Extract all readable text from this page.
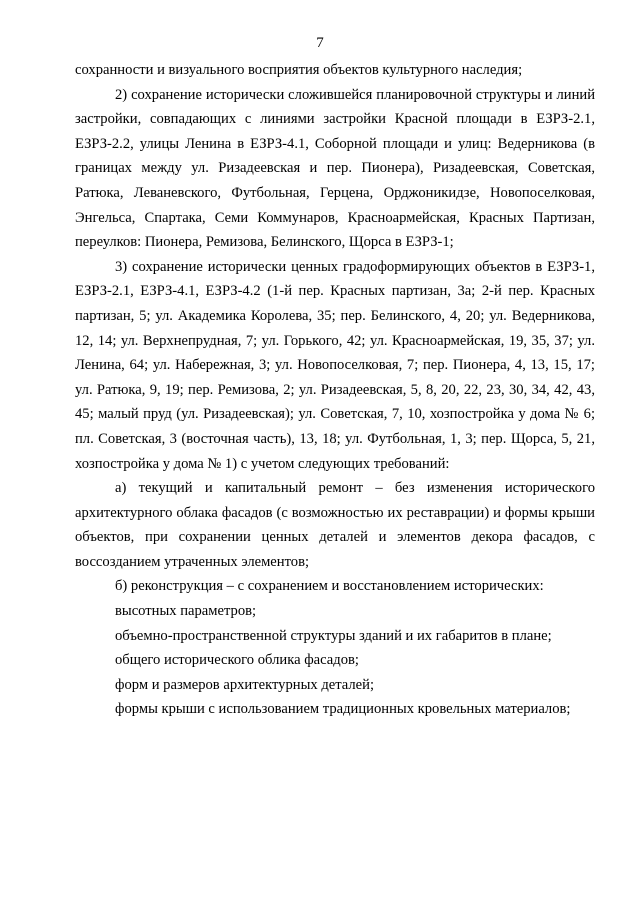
7

сохранности и визуального восприятия объектов культурного наследия;

2) сохранение исторически сложившейся планировочной структуры и линий застройки, совпадающих с линиями застройки Красной площади в ЕЗРЗ-2.1, ЕЗРЗ-2.2, улицы Ленина в ЕЗРЗ-4.1, Соборной площади и улиц: Ведерникова (в границах между ул. Ризадеевская и пер. Пионера), Ризадеевская, Советская, Ратюка, Леваневского, Футбольная, Герцена, Орджоникидзе, Новопоселковая, Энгельса, Спартака, Семи Коммунаров, Красноармейская, Красных Партизан, переулков: Пионера, Ремизова, Белинского, Щорса в ЕЗРЗ-1;

3) сохранение исторически ценных градоформирующих объектов в ЕЗРЗ-1, ЕЗРЗ-2.1, ЕЗРЗ-4.1, ЕЗРЗ-4.2 (1-й пер. Красных партизан, 3а; 2-й пер. Красных партизан, 5; ул. Академика Королева, 35; пер. Белинского, 4, 20; ул. Ведерникова, 12, 14; ул. Верхнепрудная, 7; ул. Горького, 42; ул. Красноармейская, 19, 35, 37; ул. Ленина, 64; ул. Набережная, 3; ул. Новопоселковая, 7; пер. Пионера, 4, 13, 15, 17; ул. Ратюка, 9, 19; пер. Ремизова, 2; ул. Ризадеевская, 5, 8, 20, 22, 23, 30, 34, 42, 43, 45; малый пруд (ул. Ризадеевская); ул. Советская, 7, 10, хозпостройка у дома № 6; пл. Советская, 3 (восточная часть), 13, 18; ул. Футбольная, 1, 3; пер. Щорса, 5, 21, хозпостройка у дома № 1) с учетом следующих требований:

а) текущий и капитальный ремонт – без изменения исторического архитектурного облака фасадов (с возможностью их реставрации) и формы крыши объектов, при сохранении ценных деталей и элементов декора фасадов, с воссозданием утраченных элементов;

б) реконструкция – с сохранением и восстановлением исторических:

высотных параметров;

объемно-пространственной структуры зданий и их габаритов в плане;

общего исторического облика фасадов;

форм и размеров архитектурных деталей;

формы крыши с использованием традиционных кровельных материалов;
